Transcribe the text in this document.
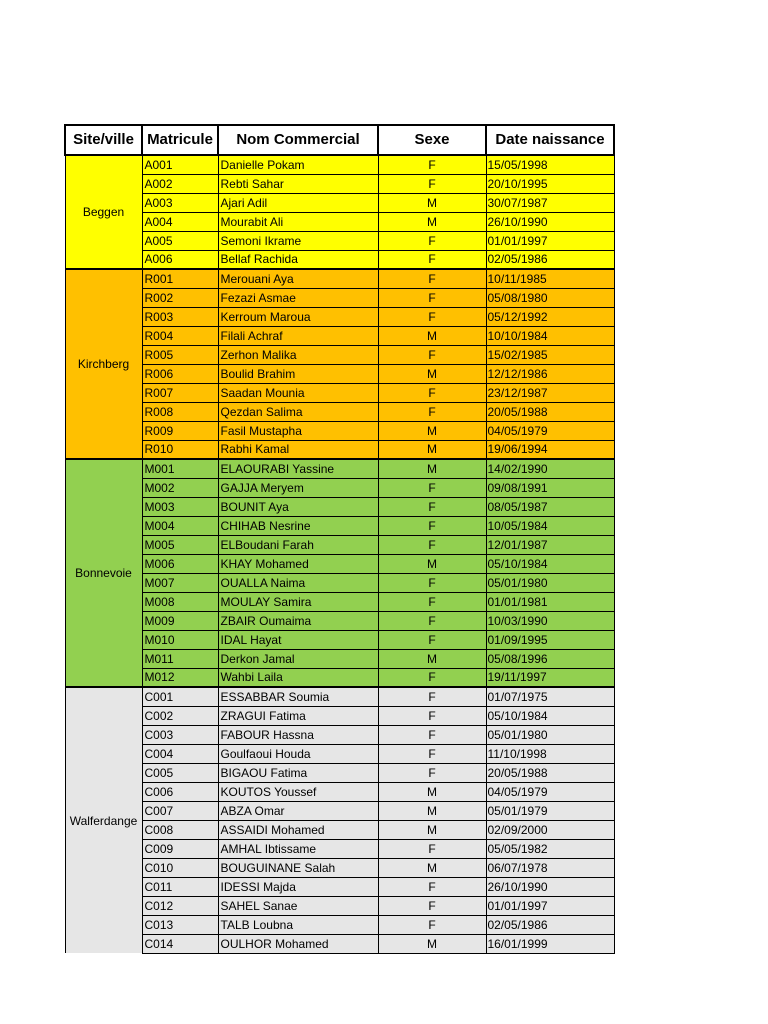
Site/ville	Matricule	Nom Commercial	Sexe	Date naissance
Beggen	A001	Danielle Pokam	F	15/05/1998
	A002	Rebti Sahar	F	20/10/1995
	A003	Ajari Adil	M	30/07/1987
	A004	Mourabit Ali	M	26/10/1990
	A005	Semoni Ikrame	F	01/01/1997
	A006	Bellaf Rachida	F	02/05/1986
Kirchberg	R001	Merouani Aya	F	10/11/1985
	R002	Fezazi Asmae	F	05/08/1980
	R003	Kerroum Maroua	F	05/12/1992
	R004	Filali Achraf	M	10/10/1984
	R005	Zerhon Malika	F	15/02/1985
	R006	Boulid Brahim	M	12/12/1986
	R007	Saadan Mounia	F	23/12/1987
	R008	Qezdan Salima	F	20/05/1988
	R009	Fasil Mustapha	M	04/05/1979
	R010	Rabhi Kamal	M	19/06/1994
Bonnevoie	M001	ELAOURABI Yassine	M	14/02/1990
	M002	GAJJA Meryem	F	09/08/1991
	M003	BOUNIT Aya	F	08/05/1987
	M004	CHIHAB Nesrine	F	10/05/1984
	M005	ELBoudani Farah	F	12/01/1987
	M006	KHAY Mohamed	M	05/10/1984
	M007	OUALLA Naima	F	05/01/1980
	M008	MOULAY Samira	F	01/01/1981
	M009	ZBAIR Oumaima	F	10/03/1990
	M010	IDAL Hayat	F	01/09/1995
	M011	Derkon Jamal	M	05/08/1996
	M012	Wahbi Laila	F	19/11/1997
Walferdange	C001	ESSABBAR Soumia	F	01/07/1975
	C002	ZRAGUI Fatima	F	05/10/1984
	C003	FABOUR Hassna	F	05/01/1980
	C004	Goulfaoui Houda	F	11/10/1998
	C005	BIGAOU Fatima	F	20/05/1988
	C006	KOUTOS Youssef	M	04/05/1979
	C007	ABZA Omar	M	05/01/1979
	C008	ASSAIDI Mohamed	M	02/09/2000
	C009	AMHAL Ibtissame	F	05/05/1982
	C010	BOUGUINANE Salah	M	06/07/1978
	C011	IDESSI Majda	F	26/10/1990
	C012	SAHEL Sanae	F	01/01/1997
	C013	TALB Loubna	F	02/05/1986
	C014	OULHOR Mohamed	M	16/01/1999
